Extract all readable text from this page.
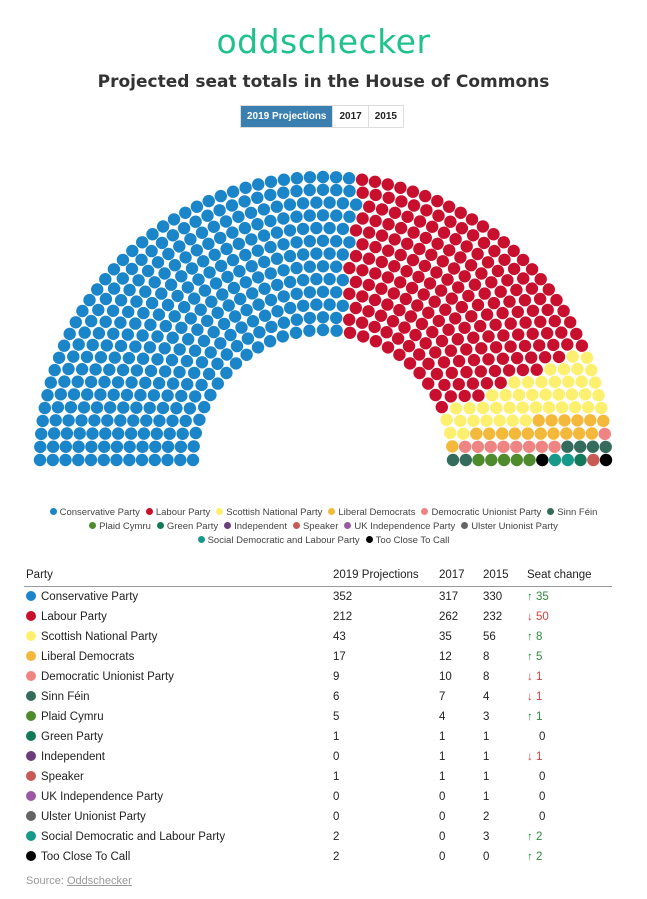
oddschecker
Projected seat totals in the House of Commons
2019 Projections	2017	2015
Conservative Party Labour Party Scottish National Party Liberal Democrats Democratic Unionist Party Sinn FéinPlaid Cymru Green Party Independent Speaker UK Independence Party Ulster Unionist PartySocial Democratic and Labour Party Too Close To Call
Party	2019 Projections	2017	2015	Seat change
Conservative Party	352	317	330	↑ 35
Labour Party	212	262	232	↓ 50
Scottish National Party	43	35	56	↑ 8
Liberal Democrats	17	12	8	↑ 5
Democratic Unionist Party	9	10	8	↓ 1
Sinn Féin	6	7	4	↓ 1
Plaid Cymru	5	4	3	↑ 1
Green Party	1	1	1	0
Independent	0	1	1	↓ 1
Speaker	1	1	1	0
UK Independence Party	0	0	1	0
Ulster Unionist Party	0	0	2	0
Social Democratic and Labour Party	2	0	3	↑ 2
Too Close To Call	2	0	0	↑ 2
Source: Oddschecker
